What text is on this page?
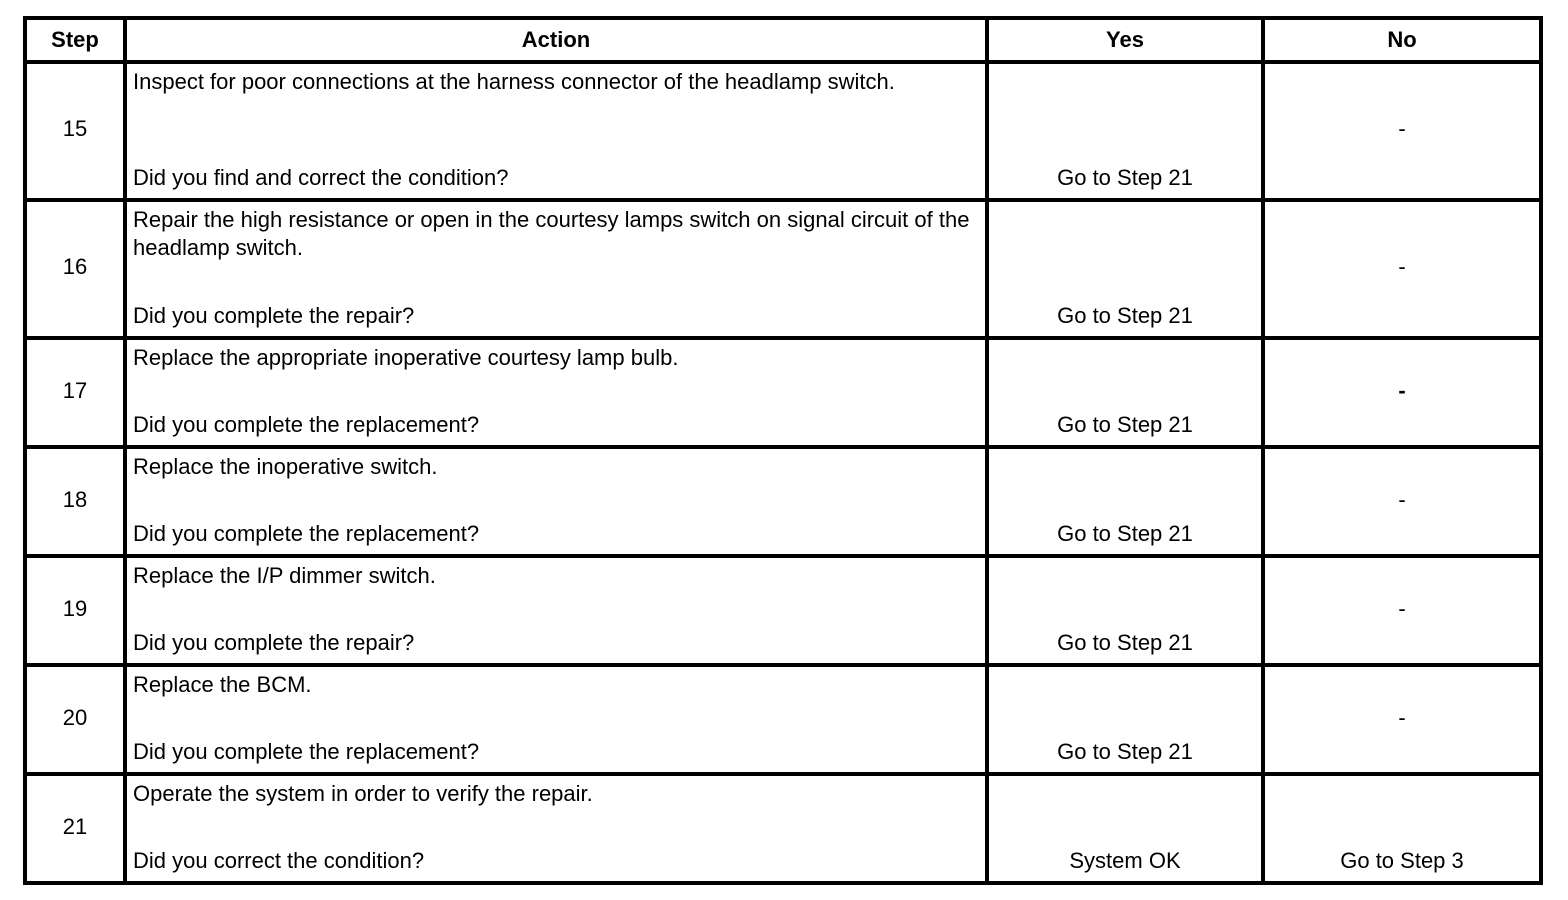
Step	Action	Yes	No

15	Inspect for poor connections at the harness connector of the headlamp switch.
Did you find and correct the condition?	Go to Step 21	-

16	Repair the high resistance or open in the courtesy lamps switch on signal circuit of the headlamp switch.
Did you complete the repair?	Go to Step 21	-

17	Replace the appropriate inoperative courtesy lamp bulb.
Did you complete the replacement?	Go to Step 21	-

18	Replace the inoperative switch.
Did you complete the replacement?	Go to Step 21	-

19	Replace the I/P dimmer switch.
Did you complete the repair?	Go to Step 21	-

20	Replace the BCM.
Did you complete the replacement?	Go to Step 21	-

21	Operate the system in order to verify the repair.
Did you correct the condition?	System OK	Go to Step 3
